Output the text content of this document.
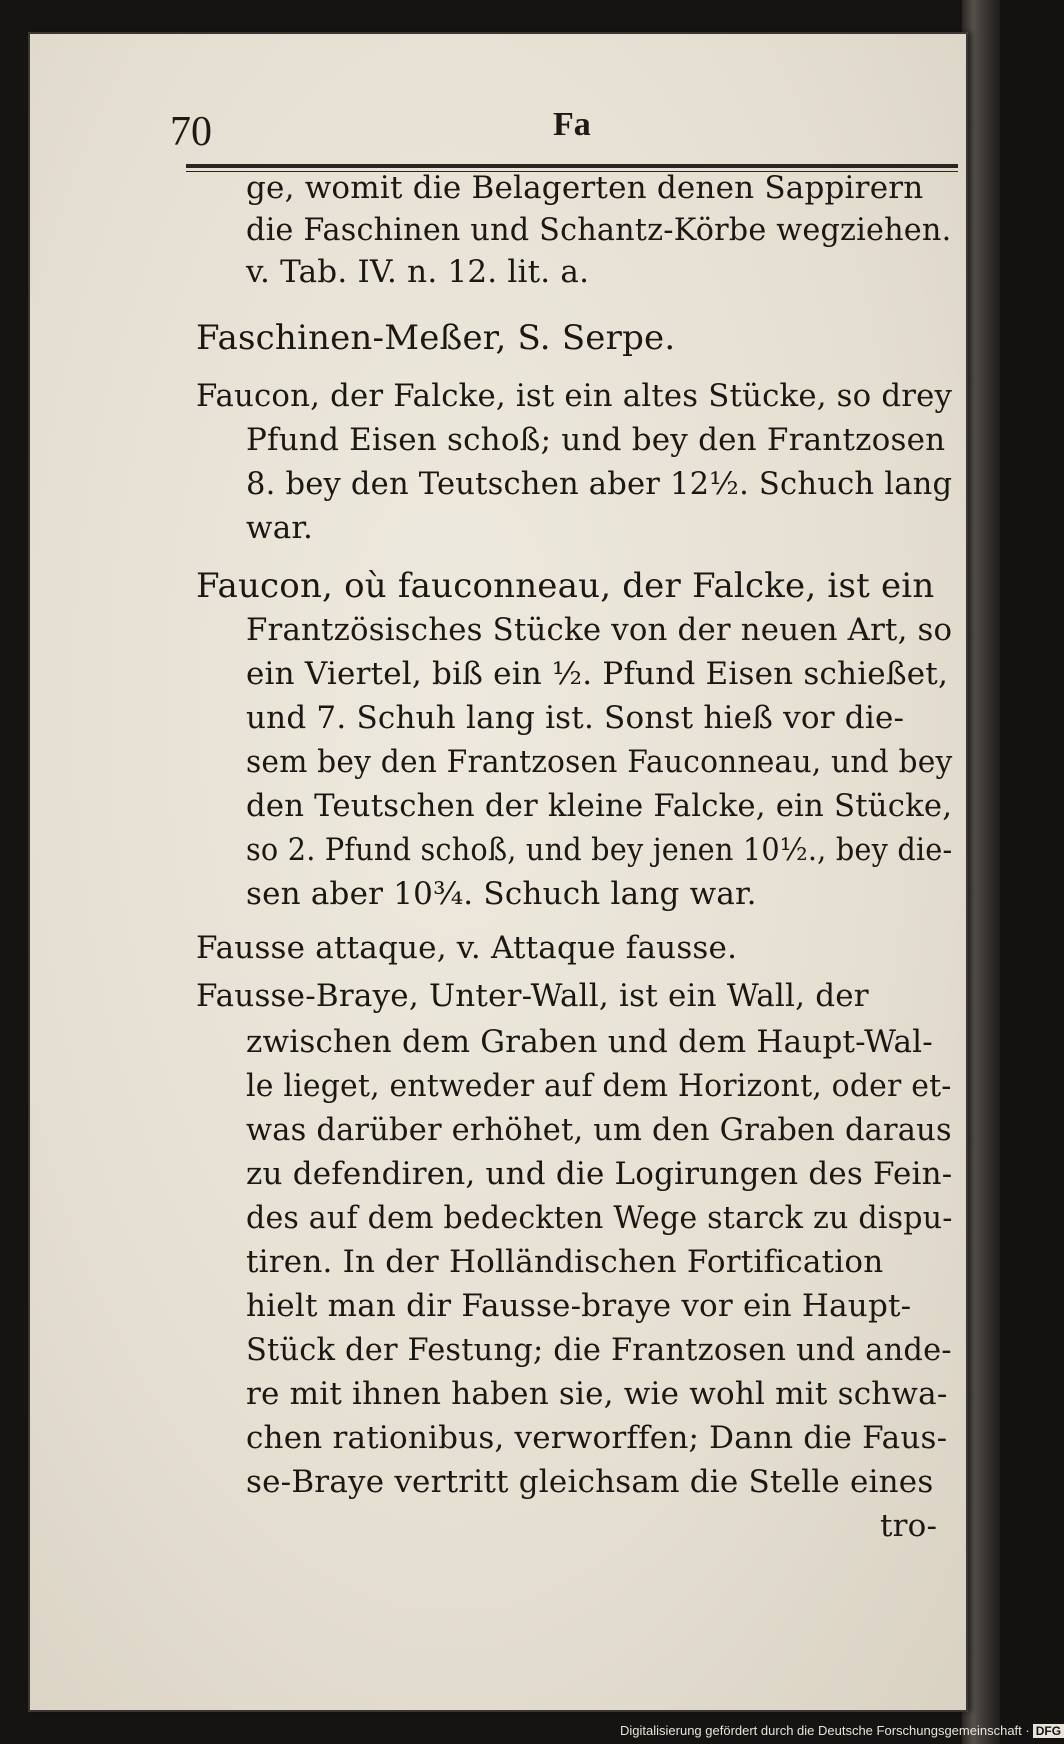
70	Fa
ge, womit die Belagerten denen Sappirern
die Faschinen und Schantz-Körbe wegziehen.
v. Tab. IV. n. 12. lit. a.
Faschinen-Meßer, S. Serpe.
Faucon, der Falcke, ist ein altes Stücke, so drey
Pfund Eisen schoß; und bey den Frantzosen
8. bey den Teutschen aber 12½. Schuch lang
war.
Faucon, où fauconneau, der Falcke, ist ein
Frantzösisches Stücke von der neuen Art, so
ein Viertel, biß ein ½. Pfund Eisen schießet,
und 7. Schuh lang ist. Sonst hieß vor die-
sem bey den Frantzosen Fauconneau, und bey
den Teutschen der kleine Falcke, ein Stücke,
so 2. Pfund schoß, und bey jenen 10½., bey die-
sen aber 10¾. Schuch lang war.
Fausse attaque, v. Attaque fausse.
Fausse-Braye, Unter-Wall, ist ein Wall, der
zwischen dem Graben und dem Haupt-Wal-
le lieget, entweder auf dem Horizont, oder et-
was darüber erhöhet, um den Graben daraus
zu defendiren, und die Logirungen des Fein-
des auf dem bedeckten Wege starck zu dispu-
tiren. In der Holländischen Fortification
hielt man dir Fausse-braye vor ein Haupt-
Stück der Festung; die Frantzosen und ande-
re mit ihnen haben sie, wie wohl mit schwa-
chen rationibus, verworffen; Dann die Faus-
se-Braye vertritt gleichsam die Stelle eines
tro-
Digitalisierung gefördert durch die Deutsche Forschungsgemeinschaft · DFG
